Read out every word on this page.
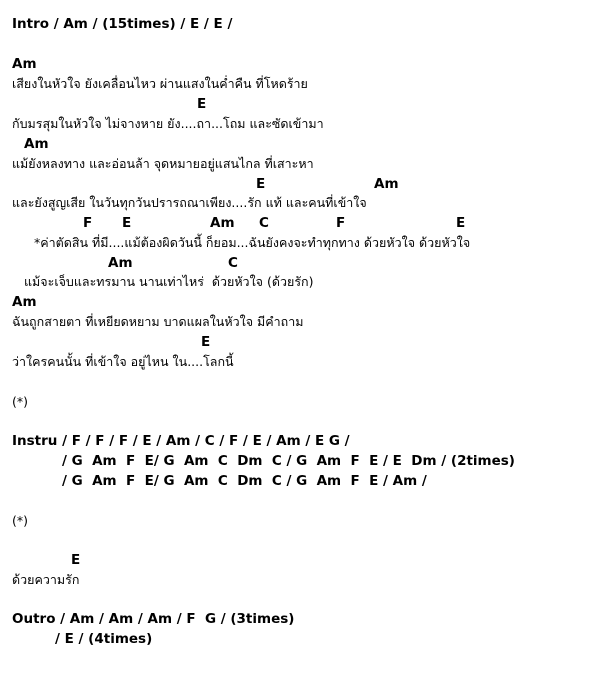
Intro / Am / (15times) / E / E /
Am
เสียงในหัวใจ ยังเคลื่อนไหว ผ่านแสงในค่ำคืน ที่โหดร้าย
E
กับมรสุมในหัวใจ ไม่จางหาย ยัง....ถา...โถม และซัดเข้ามา
Am
แม้ยังหลงทาง และอ่อนล้า จุดหมายอยู่แสนไกล ที่เสาะหา
E	Am
และยังสูญเสีย ในวันทุกวันปรารถณาเพียง....รัก แท้ และคนที่เข้าใจ
F E	Am C	F	E
*ค่าตัดสิน ที่มี....แม้ต้องผิดวันนี้ ก็ยอม...ฉันยังคงจะทำทุกทาง ด้วยหัวใจ ด้วยหัวใจ
Am	C
แม้จะเจ็บและทรมาน นานเท่าไหร่  ด้วยหัวใจ (ด้วยรัก)
Am
ฉันถูกสายตา ที่เหยียดหยาม บาดแผลในหัวใจ มีคำถาม
E
ว่าใครคนนั้น ที่เข้าใจ อยู่ไหน ใน....โลกนี้
(*)
Instru / F / F / F / E / Am / C / F / E / Am / E G /
/ G  Am  F  E/ G  Am  C  Dm  C / G  Am  F  E / E  Dm / (2times)
/ G  Am  F  E/ G  Am  C  Dm  C / G  Am  F  E / Am /
(*)
E
ด้วยความรัก
Outro / Am / Am / Am / F  G / (3times)
/ E / (4times)
